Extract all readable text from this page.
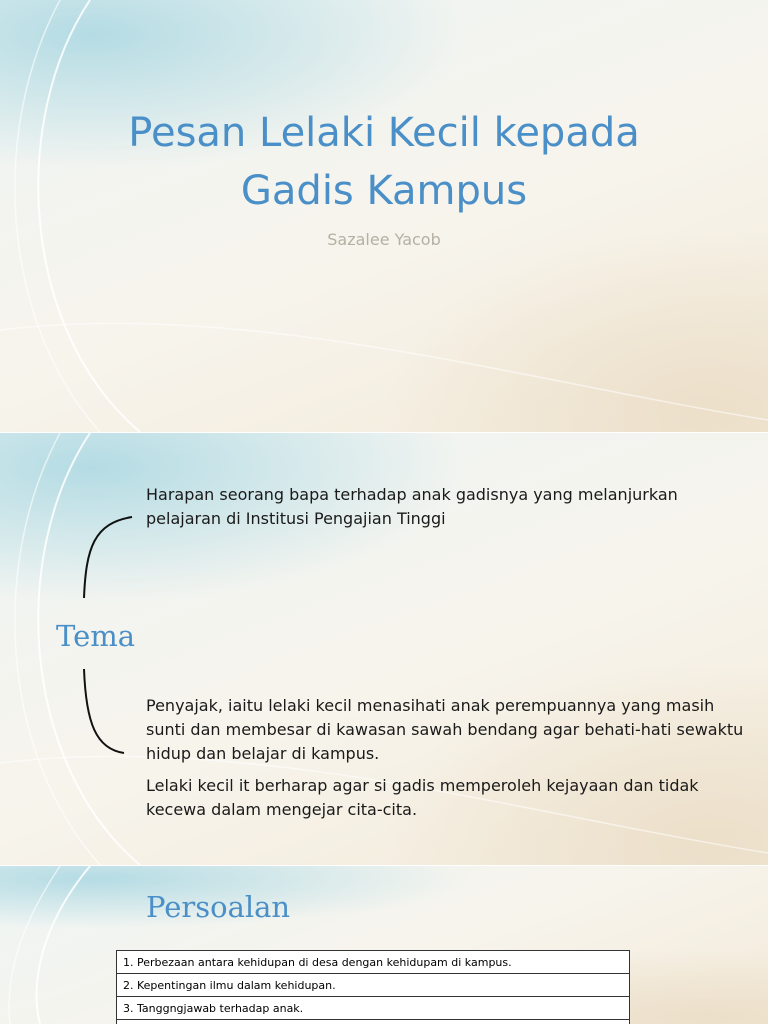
Pesan Lelaki Kecil kepada
Gadis Kampus
Sazalee Yacob
Tema

Harapan seorang bapa terhadap anak gadisnya yang melanjurkan pelajaran di Institusi Pengajian Tinggi

Penyajak, iaitu lelaki kecil menasihati anak perempuannya yang masih sunti dan membesar di kawasan sawah bendang agar behati-hati sewaktu hidup dan belajar di kampus.

Lelaki kecil it berharap agar si gadis memperoleh kejayaan dan tidak kecewa dalam mengejar cita-cita.

Persoalan
1. Perbezaan antara kehidupan di desa dengan kehidupam di kampus.
2. Kepentingan ilmu dalam kehidupan.
3. Tanggngjawab terhadap anak.
